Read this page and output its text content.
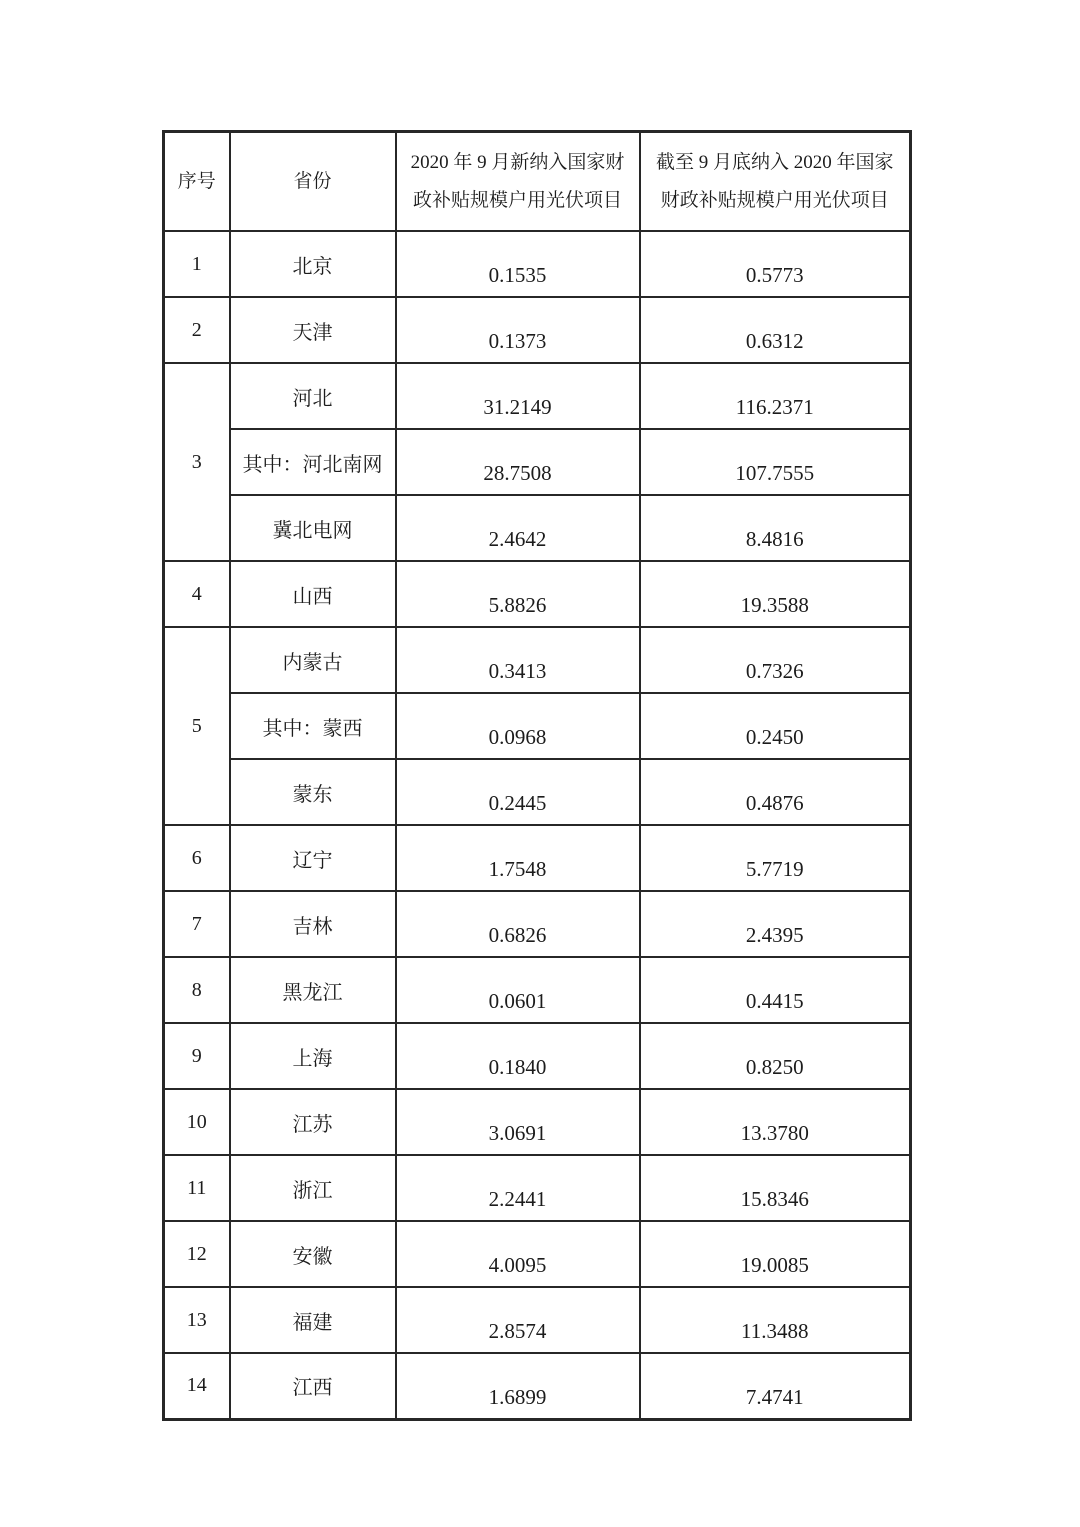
序号	省份	2020 年 9 月新纳入国家财政补贴规模户用光伏项目	截至 9 月底纳入 2020 年国家财政补贴规模户用光伏项目
1	北京	0.1535	0.5773
2	天津	0.1373	0.6312
3	河北	31.2149	116.2371
	其中：河北南网	28.7508	107.7555
	冀北电网	2.4642	8.4816
4	山西	5.8826	19.3588
5	内蒙古	0.3413	0.7326
	其中：蒙西	0.0968	0.2450
	蒙东	0.2445	0.4876
6	辽宁	1.7548	5.7719
7	吉林	0.6826	2.4395
8	黑龙江	0.0601	0.4415
9	上海	0.1840	0.8250
10	江苏	3.0691	13.3780
11	浙江	2.2441	15.8346
12	安徽	4.0095	19.0085
13	福建	2.8574	11.3488
14	江西	1.6899	7.4741
